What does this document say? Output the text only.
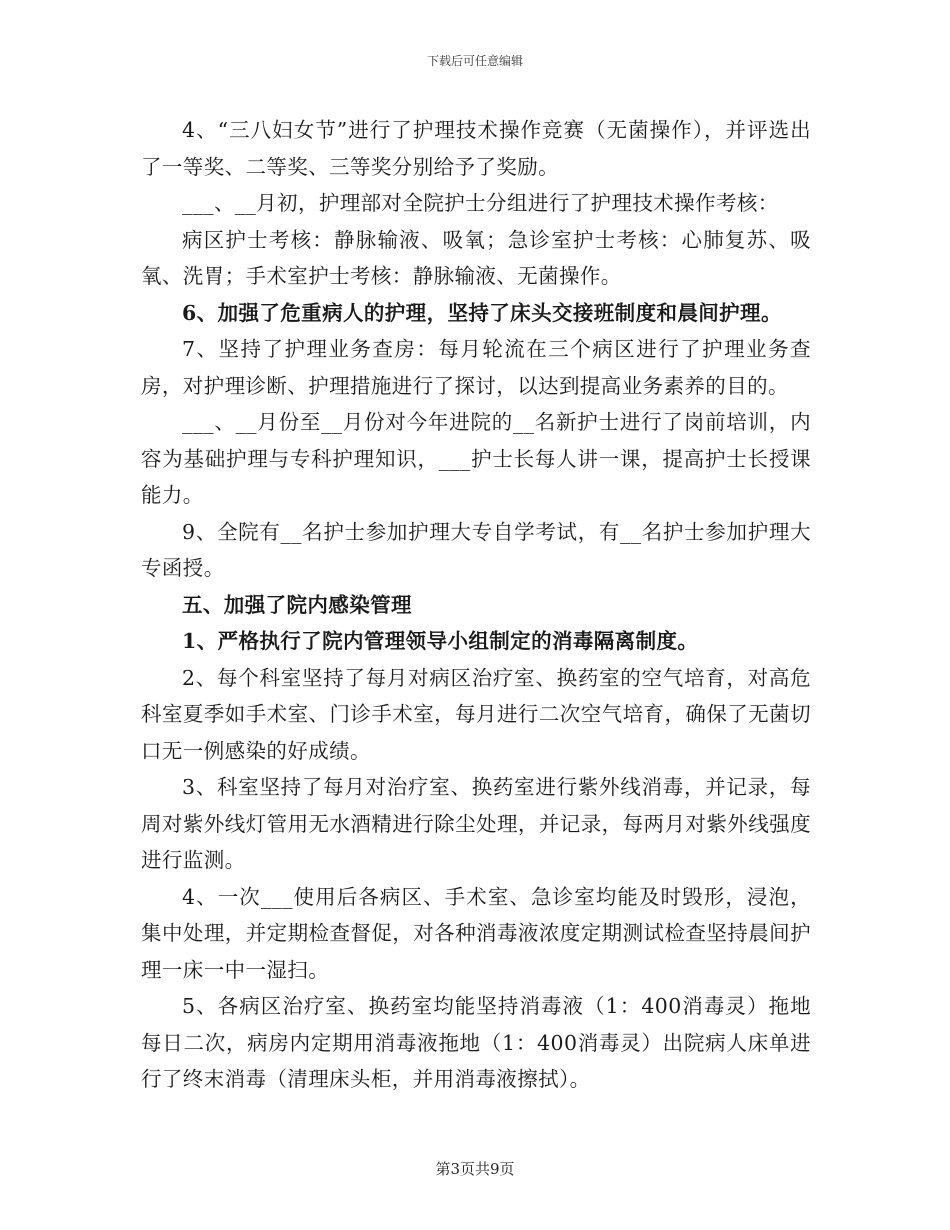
下载后可任意编辑

4、“三八妇女节”进行了护理技术操作竞赛（无菌操作），并评选出了一等奖、二等奖、三等奖分别给予了奖励。

___、__月初，护理部对全院护士分组进行了护理技术操作考核：

病区护士考核：静脉输液、吸氧；急诊室护士考核：心肺复苏、吸氧、洗胃；手术室护士考核：静脉输液、无菌操作。

6、加强了危重病人的护理，坚持了床头交接班制度和晨间护理。

7、坚持了护理业务查房：每月轮流在三个病区进行了护理业务查房，对护理诊断、护理措施进行了探讨，以达到提高业务素养的目的。

___、__月份至__月份对今年进院的__名新护士进行了岗前培训，内容为基础护理与专科护理知识，___护士长每人讲一课，提高护士长授课能力。

9、全院有__名护士参加护理大专自学考试，有__名护士参加护理大专函授。

五、加强了院内感染管理

1、严格执行了院内管理领导小组制定的消毒隔离制度。

2、每个科室坚持了每月对病区治疗室、换药室的空气培育，对高危科室夏季如手术室、门诊手术室，每月进行二次空气培育，确保了无菌切口无一例感染的好成绩。

3、科室坚持了每月对治疗室、换药室进行紫外线消毒，并记录，每周对紫外线灯管用无水酒精进行除尘处理，并记录，每两月对紫外线强度进行监测。

4、一次___使用后各病区、手术室、急诊室均能及时毁形，浸泡，集中处理，并定期检查督促，对各种消毒液浓度定期测试检查坚持晨间护理一床一中一湿扫。

5、各病区治疗室、换药室均能坚持消毒液（1：400消毒灵）拖地每日二次，病房内定期用消毒液拖地（1：400消毒灵）出院病人床单进行了终末消毒（清理床头柜，并用消毒液擦拭）。

第3页共9页
